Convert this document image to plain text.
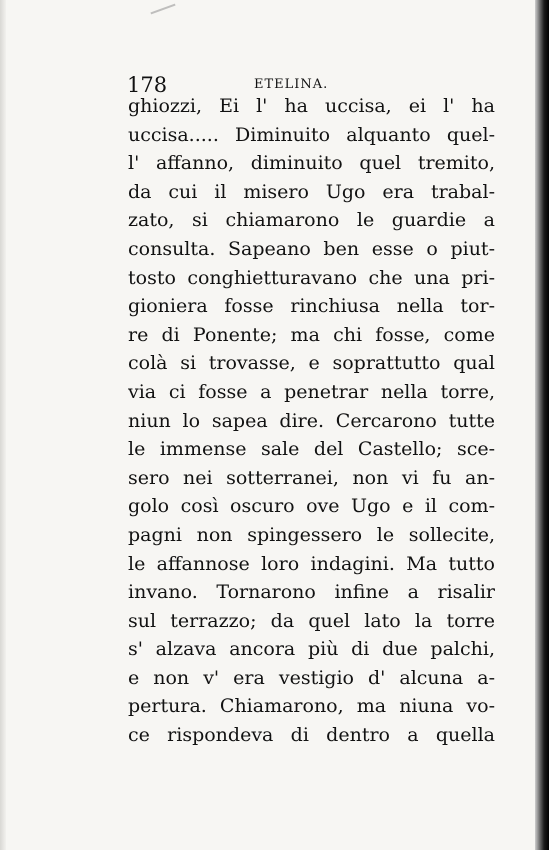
178	ETELINA.
ghiozzi, Ei l' ha uccisa, ei l' ha
uccisa..... Diminuito alquanto quel-
l' affanno, diminuito quel tremito,
da cui il misero Ugo era trabal-
zato, si chiamarono le guardie a
consulta. Sapeano ben esse o piut-
tosto conghietturavano che una pri-
gioniera fosse rinchiusa nella tor-
re di Ponente; ma chi fosse, come
colà si trovasse, e soprattutto qual
via ci fosse a penetrar nella torre,
niun lo sapea dire. Cercarono tutte
le immense sale del Castello; sce-
sero nei sotterranei, non vi fu an-
golo così oscuro ove Ugo e il com-
pagni non spingessero le sollecite,
le affannose loro indagini. Ma tutto
invano. Tornarono infine a risalir
sul terrazzo; da quel lato la torre
s' alzava ancora più di due palchi,
e non v' era vestigio d' alcuna a-
pertura. Chiamarono, ma niuna vo-
ce rispondeva di dentro a quella
